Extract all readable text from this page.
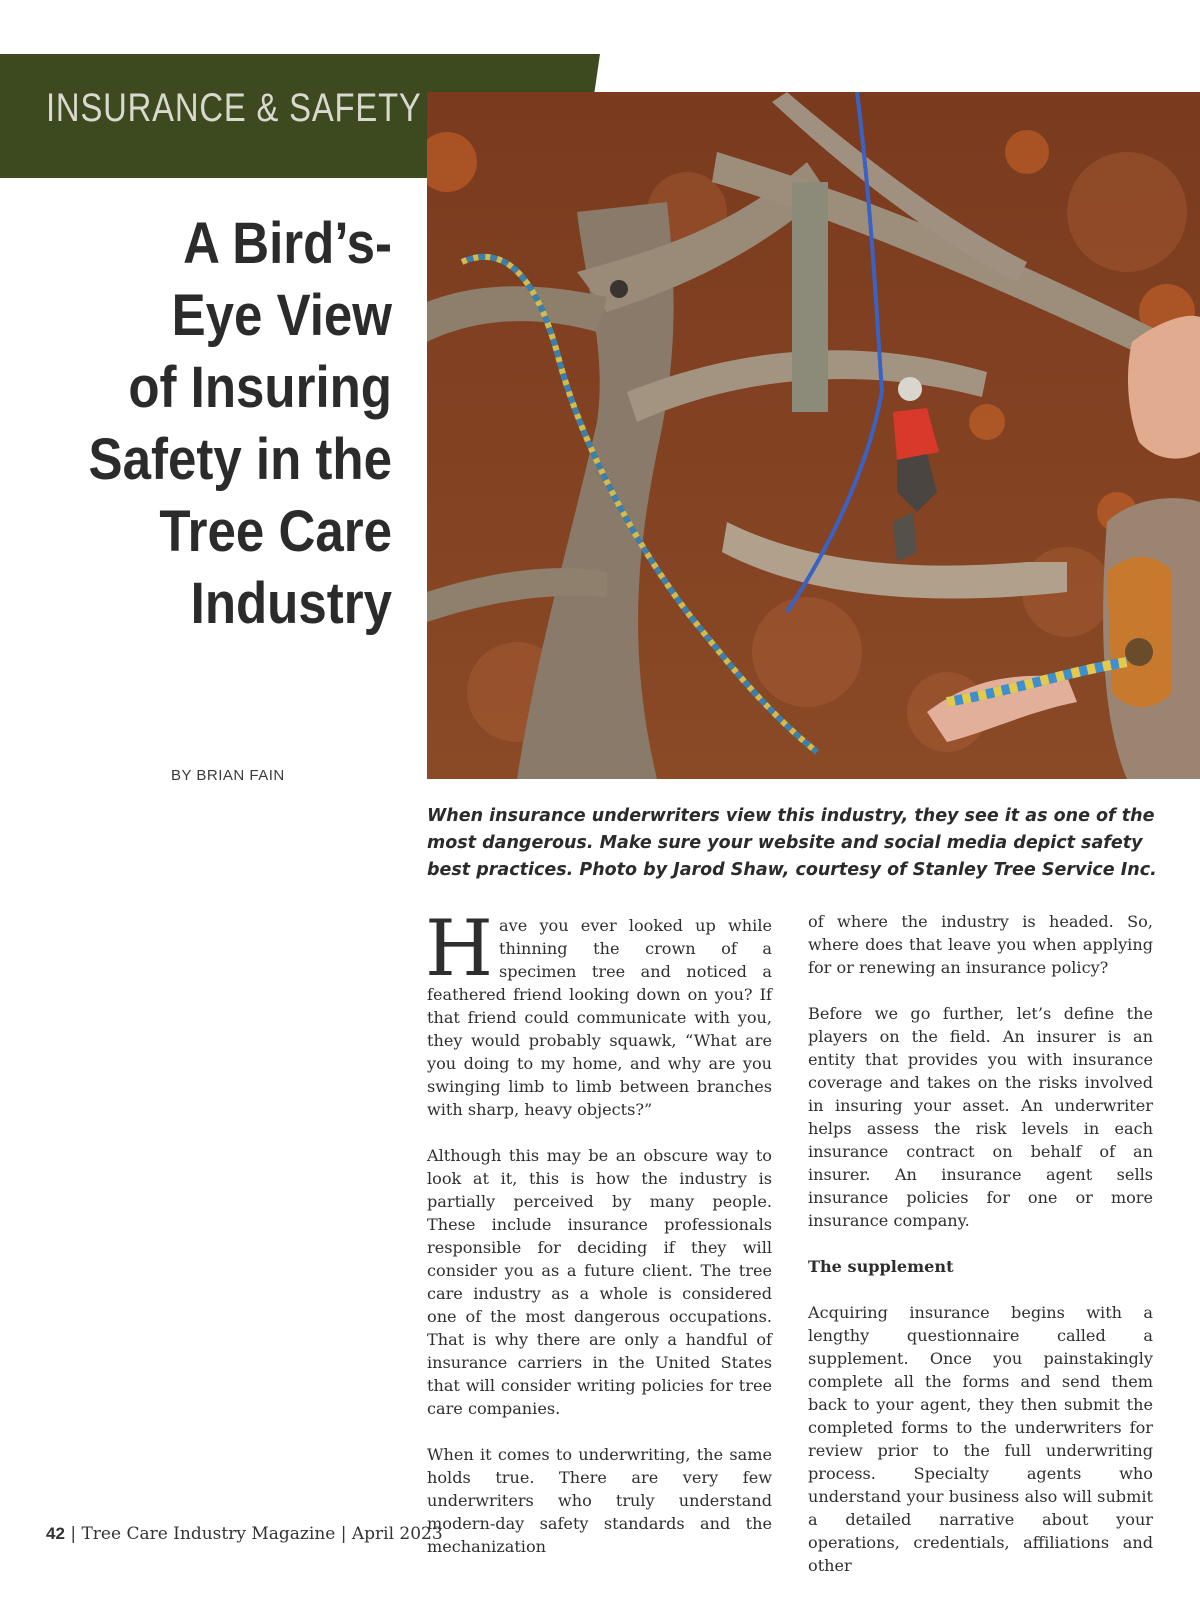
INSURANCE & SAFETY
A Bird’s-
Eye View
of Insuring
Safety in the
Tree Care
Industry
BY BRIAN FAIN
When insurance underwriters view this industry, they see it as one of the most dangerous. Make sure your website and social media depict safety best practices. Photo by Jarod Shaw, courtesy of Stanley Tree Service Inc.

Have you ever looked up while thinning the crown of a specimen tree and noticed a feathered friend looking down on you? If that friend could communicate with you, they would probably squawk, “What are you doing to my home, and why are you swinging limb to limb between branches with sharp, heavy objects?”

Although this may be an obscure way to look at it, this is how the industry is partially perceived by many people. These include insurance professionals responsible for deciding if they will consider you as a future client. The tree care industry as a whole is considered one of the most dangerous occupations. That is why there are only a handful of insurance carriers in the United States that will consider writing policies for tree care companies.

When it comes to underwriting, the same holds true. There are very few underwriters who truly understand modern-day safety standards and the mechanization

of where the industry is headed. So, where does that leave you when applying for or renewing an insurance policy?

Before we go further, let’s define the players on the field. An insurer is an entity that provides you with insurance coverage and takes on the risks involved in insuring your asset. An underwriter helps assess the risk levels in each insurance contract on behalf of an insurer. An insurance agent sells insurance policies for one or more insurance company.

The supplement

Acquiring insurance begins with a lengthy questionnaire called a supplement. Once you painstakingly complete all the forms and send them back to your agent, they then submit the completed forms to the underwriters for review prior to the full underwriting process. Specialty agents who understand your business also will submit a detailed narrative about your operations, credentials, affiliations and other

42 | Tree Care Industry Magazine | April 2023
